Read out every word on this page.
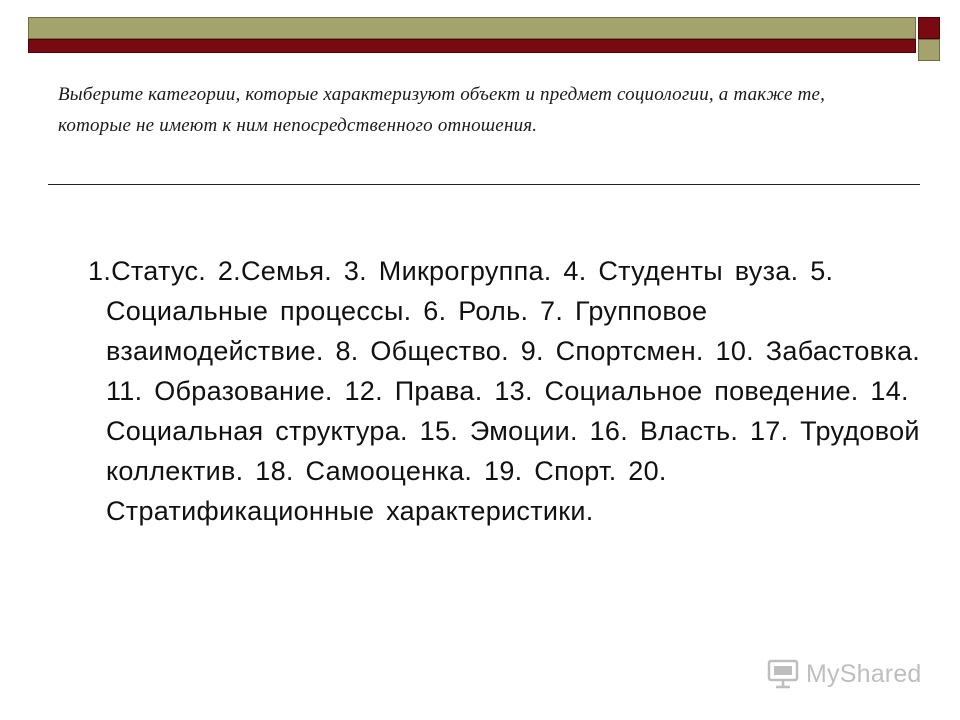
Выберите категории, которые характеризуют объект и предмет социологии, а также те, которые не имеют к ним непосредственного отношения.

1.Статус. 2.Семья. 3. Микрогруппа. 4. Студенты вуза. 5. Социальные процессы. 6. Роль. 7. Групповое взаимодействие. 8. Общество. 9. Спортсмен. 10. Забастовка. 11. Образование. 12. Права. 13. Социальное поведение. 14. Социальная структура. 15. Эмоции. 16. Власть. 17. Трудовой коллектив. 18. Самооценка. 19. Спорт. 20. Стратификационные характеристики.

MyShared
